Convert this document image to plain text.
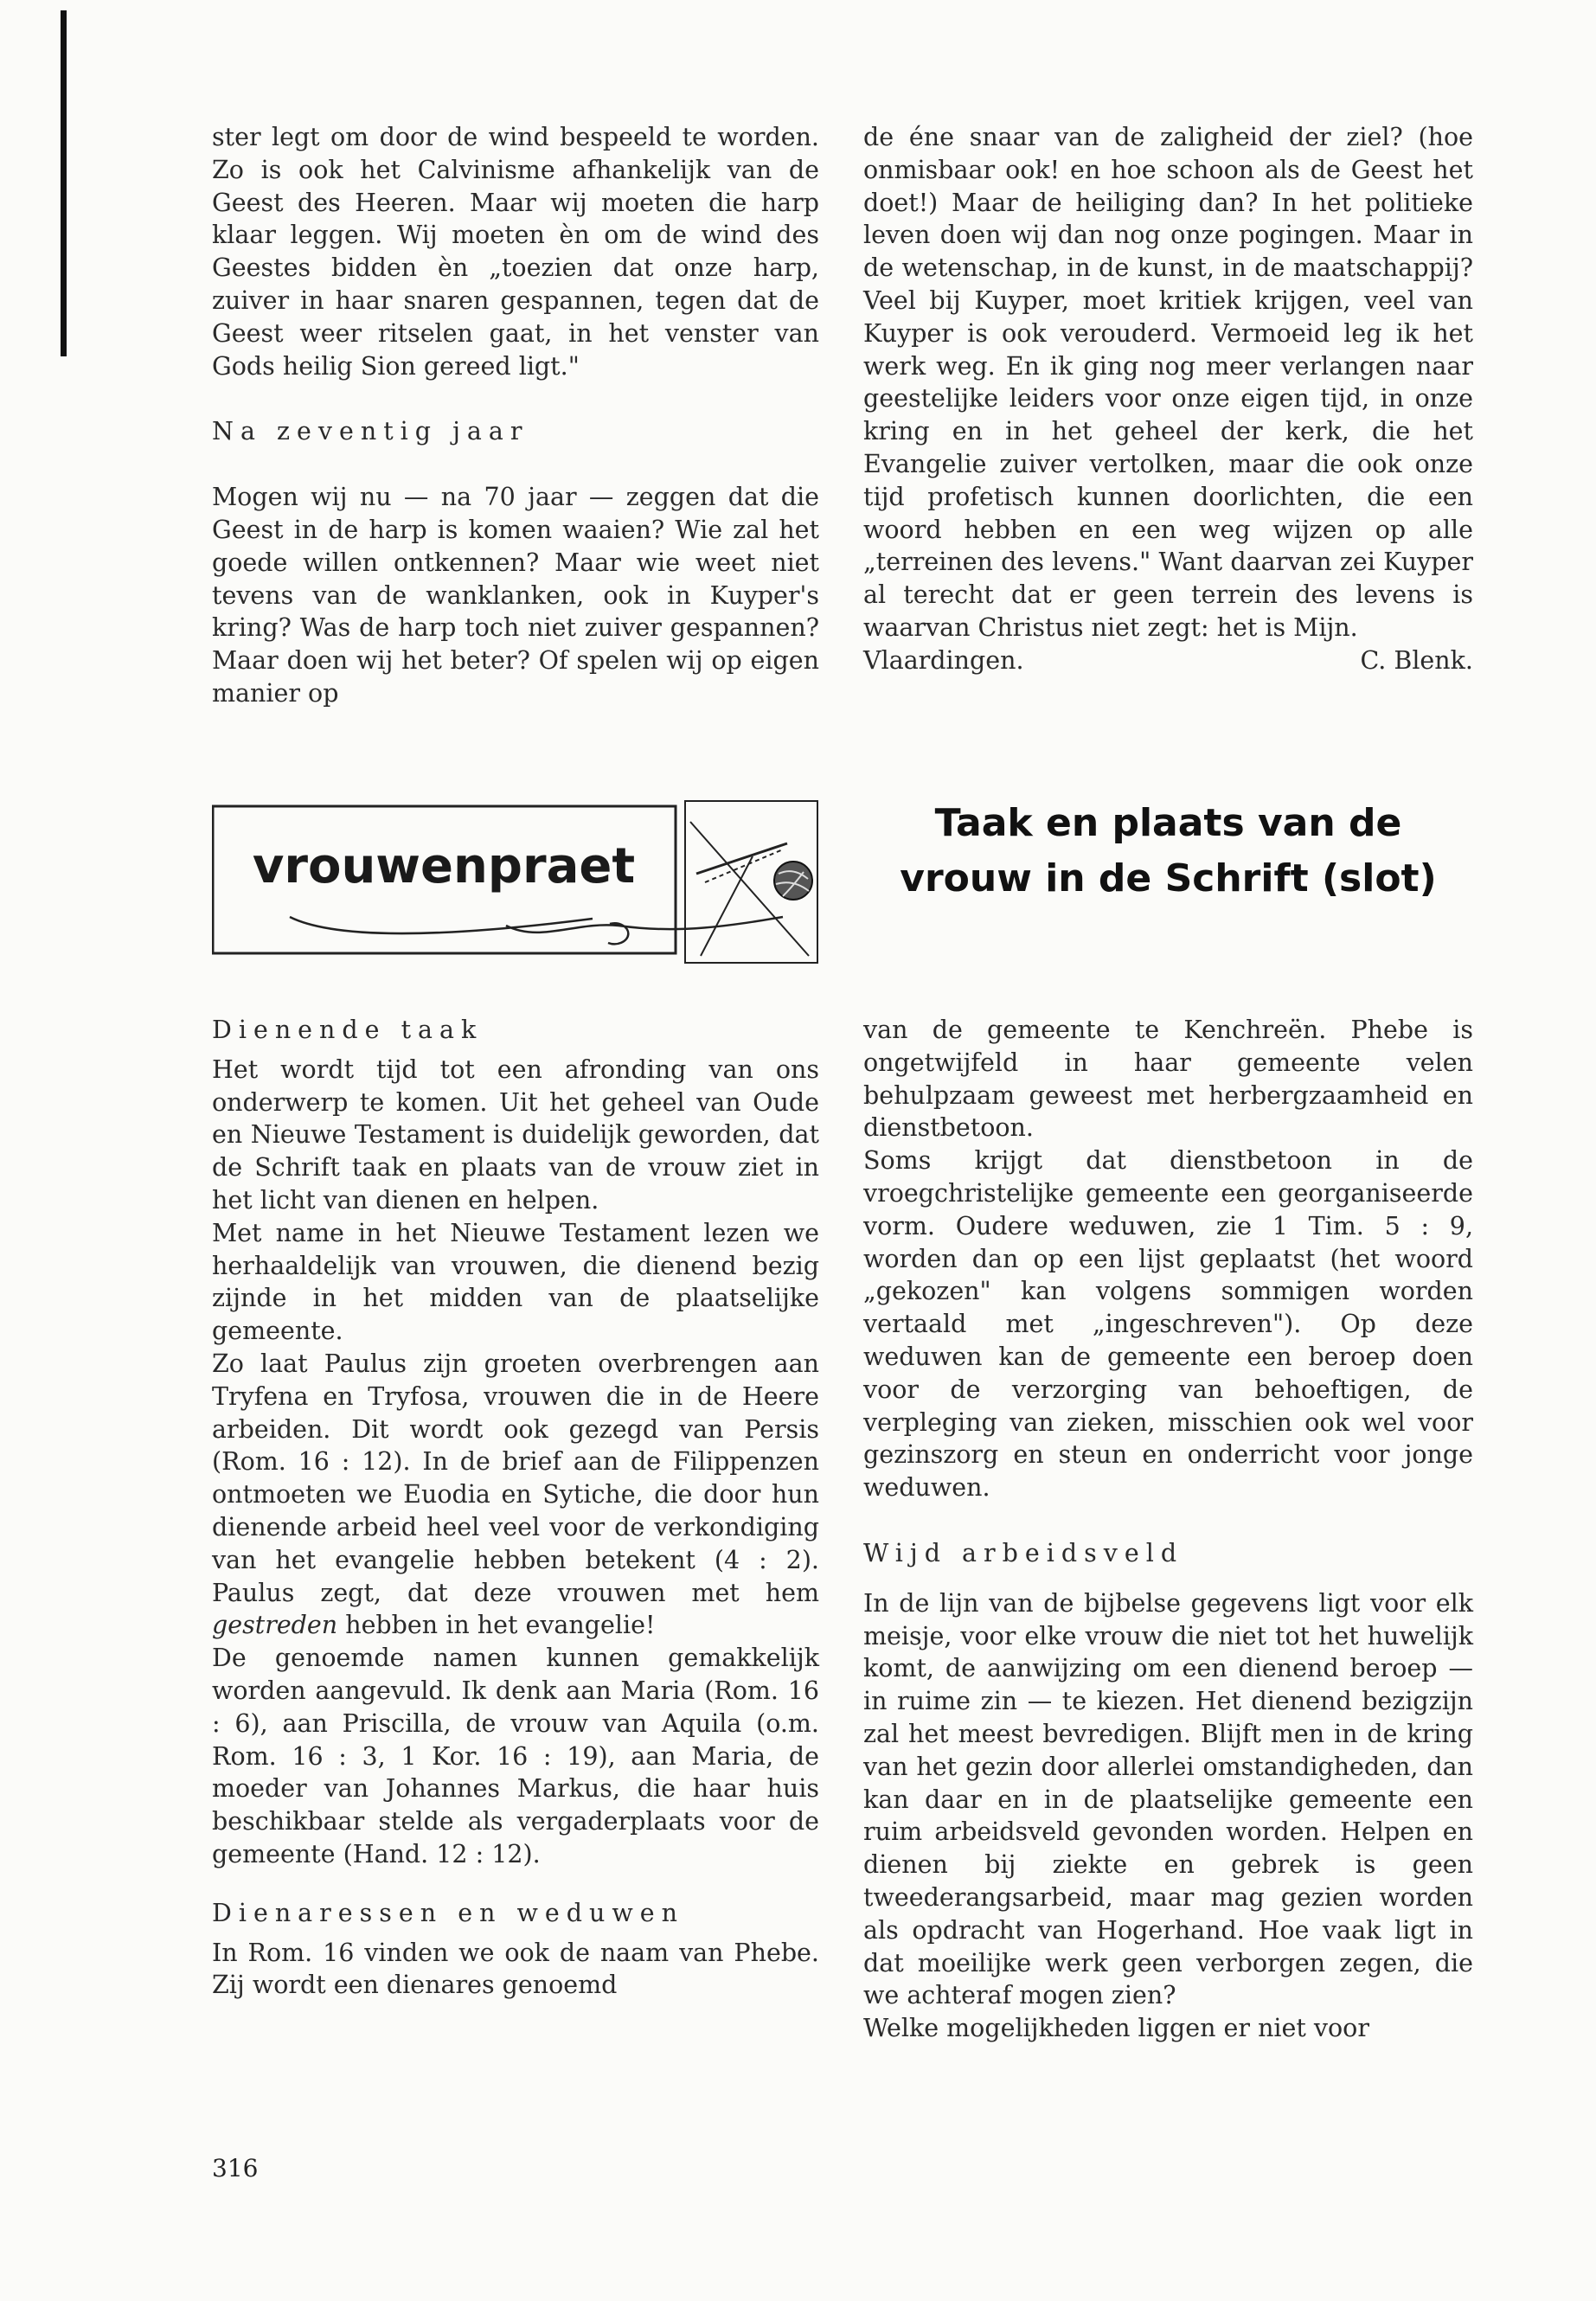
ster legt om door de wind bespeeld te worden. Zo is ook het Calvinisme afhankelijk van de Geest des Heeren. Maar wij moeten die harp klaar leggen. Wij moeten èn om de wind des Geestes bidden èn „toezien dat onze harp, zuiver in haar snaren gespannen, tegen dat de Geest weer ritselen gaat, in het venster van Gods heilig Sion gereed ligt."

Na zeventig jaar

Mogen wij nu — na 70 jaar — zeggen dat die Geest in de harp is komen waaien? Wie zal het goede willen ontkennen? Maar wie weet niet tevens van de wanklanken, ook in Kuyper's kring? Was de harp toch niet zuiver gespannen? Maar doen wij het beter? Of spelen wij op eigen manier op

de éne snaar van de zaligheid der ziel? (hoe onmisbaar ook! en hoe schoon als de Geest het doet!) Maar de heiliging dan? In het politieke leven doen wij dan nog onze pogingen. Maar in de wetenschap, in de kunst, in de maatschappij? Veel bij Kuyper, moet kritiek krijgen, veel van Kuyper is ook verouderd. Vermoeid leg ik het werk weg. En ik ging nog meer verlangen naar geestelijke leiders voor onze eigen tijd, in onze kring en in het geheel der kerk, die het Evangelie zuiver vertolken, maar die ook onze tijd profetisch kunnen doorlichten, die een woord hebben en een weg wijzen op alle „terreinen des levens." Want daarvan zei Kuyper al terecht dat er geen terrein des levens is waarvan Christus niet zegt: het is Mijn.

Vlaardingen.	C. Blenk.

vrouwenpraet
Taak en plaats van de
vrouw in de Schrift (slot)

Dienende taak

Het wordt tijd tot een afronding van ons onderwerp te komen. Uit het geheel van Oude en Nieuwe Testament is duidelijk geworden, dat de Schrift taak en plaats van de vrouw ziet in het licht van dienen en helpen.

Met name in het Nieuwe Testament lezen we herhaaldelijk van vrouwen, die dienend bezig zijnde in het midden van de plaatselijke gemeente.

Zo laat Paulus zijn groeten overbrengen aan Tryfena en Tryfosa, vrouwen die in de Heere arbeiden. Dit wordt ook gezegd van Persis (Rom. 16 : 12). In de brief aan de Filippenzen ontmoeten we Euodia en Sytiche, die door hun dienende arbeid heel veel voor de verkondiging van het evangelie hebben betekent (4 : 2). Paulus zegt, dat deze vrouwen met hem gestreden hebben in het evangelie!

De genoemde namen kunnen gemakkelijk worden aangevuld. Ik denk aan Maria (Rom. 16 : 6), aan Priscilla, de vrouw van Aquila (o.m. Rom. 16 : 3, 1 Kor. 16 : 19), aan Maria, de moeder van Johannes Markus, die haar huis beschikbaar stelde als vergaderplaats voor de gemeente (Hand. 12 : 12).

Dienaressen en weduwen

In Rom. 16 vinden we ook de naam van Phebe. Zij wordt een dienares genoemd

van de gemeente te Kenchreën. Phebe is ongetwijfeld in haar gemeente velen behulpzaam geweest met herbergzaamheid en dienstbetoon.

Soms krijgt dat dienstbetoon in de vroegchristelijke gemeente een georganiseerde vorm. Oudere weduwen, zie 1 Tim. 5 : 9, worden dan op een lijst geplaatst (het woord „gekozen" kan volgens sommigen worden vertaald met „ingeschreven"). Op deze weduwen kan de gemeente een beroep doen voor de verzorging van behoeftigen, de verpleging van zieken, misschien ook wel voor gezinszorg en steun en onderricht voor jonge weduwen.

Wijd arbeidsveld

In de lijn van de bijbelse gegevens ligt voor elk meisje, voor elke vrouw die niet tot het huwelijk komt, de aanwijzing om een dienend beroep — in ruime zin — te kiezen. Het dienend bezigzijn zal het meest bevredigen. Blijft men in de kring van het gezin door allerlei omstandigheden, dan kan daar en in de plaatselijke gemeente een ruim arbeidsveld gevonden worden. Helpen en dienen bij ziekte en gebrek is geen tweederangsarbeid, maar mag gezien worden als opdracht van Hogerhand. Hoe vaak ligt in dat moeilijke werk geen verborgen zegen, die we achteraf mogen zien?

Welke mogelijkheden liggen er niet voor

316
